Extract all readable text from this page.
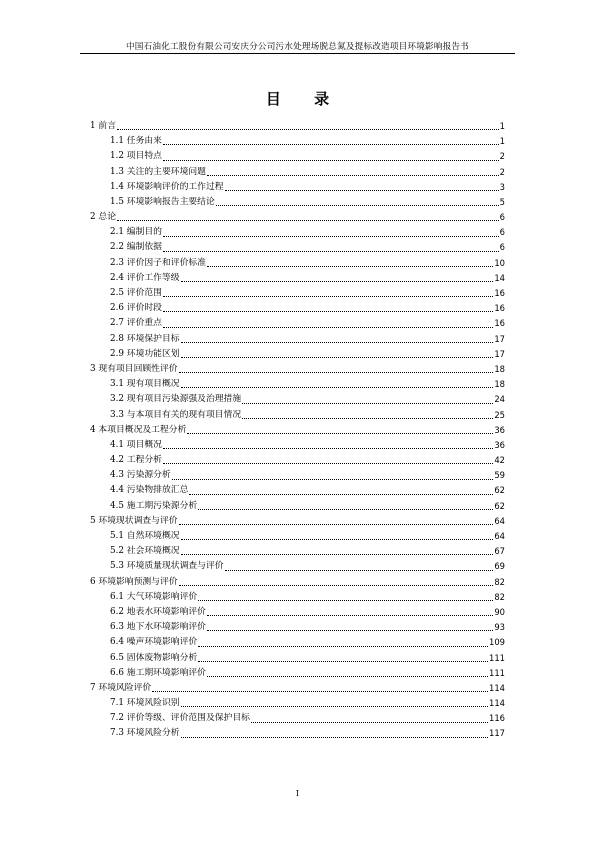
中国石油化工股份有限公司安庆分公司污水处理场脱总氮及提标改造项目环境影响报告书
目 录
1 前言	1
1.1 任务由来	1
1.2 项目特点	2
1.3 关注的主要环境问题	2
1.4 环境影响评价的工作过程	3
1.5 环境影响报告主要结论	5
2 总论	6
2.1 编制目的	6
2.2 编制依据	6
2.3 评价因子和评价标准	10
2.4 评价工作等级	14
2.5 评价范围	16
2.6 评价时段	16
2.7 评价重点	16
2.8 环境保护目标	17
2.9 环境功能区划	17
3 现有项目回顾性评价	18
3.1 现有项目概况	18
3.2 现有项目污染源强及治理措施	24
3.3 与本项目有关的现有项目情况	25
4 本项目概况及工程分析	36
4.1 项目概况	36
4.2 工程分析	42
4.3 污染源分析	59
4.4 污染物排放汇总	62
4.5 施工期污染源分析	62
5 环境现状调查与评价	64
5.1 自然环境概况	64
5.2 社会环境概况	67
5.3 环境质量现状调查与评价	69
6 环境影响预测与评价	82
6.1 大气环境影响评价	82
6.2 地表水环境影响评价	90
6.3 地下水环境影响评价	93
6.4 噪声环境影响评价	109
6.5 固体废物影响分析	111
6.6 施工期环境影响评价	111
7 环境风险评价	114
7.1 环境风险识别	114
7.2 评价等级、评价范围及保护目标	116
7.3 环境风险分析	117
I
